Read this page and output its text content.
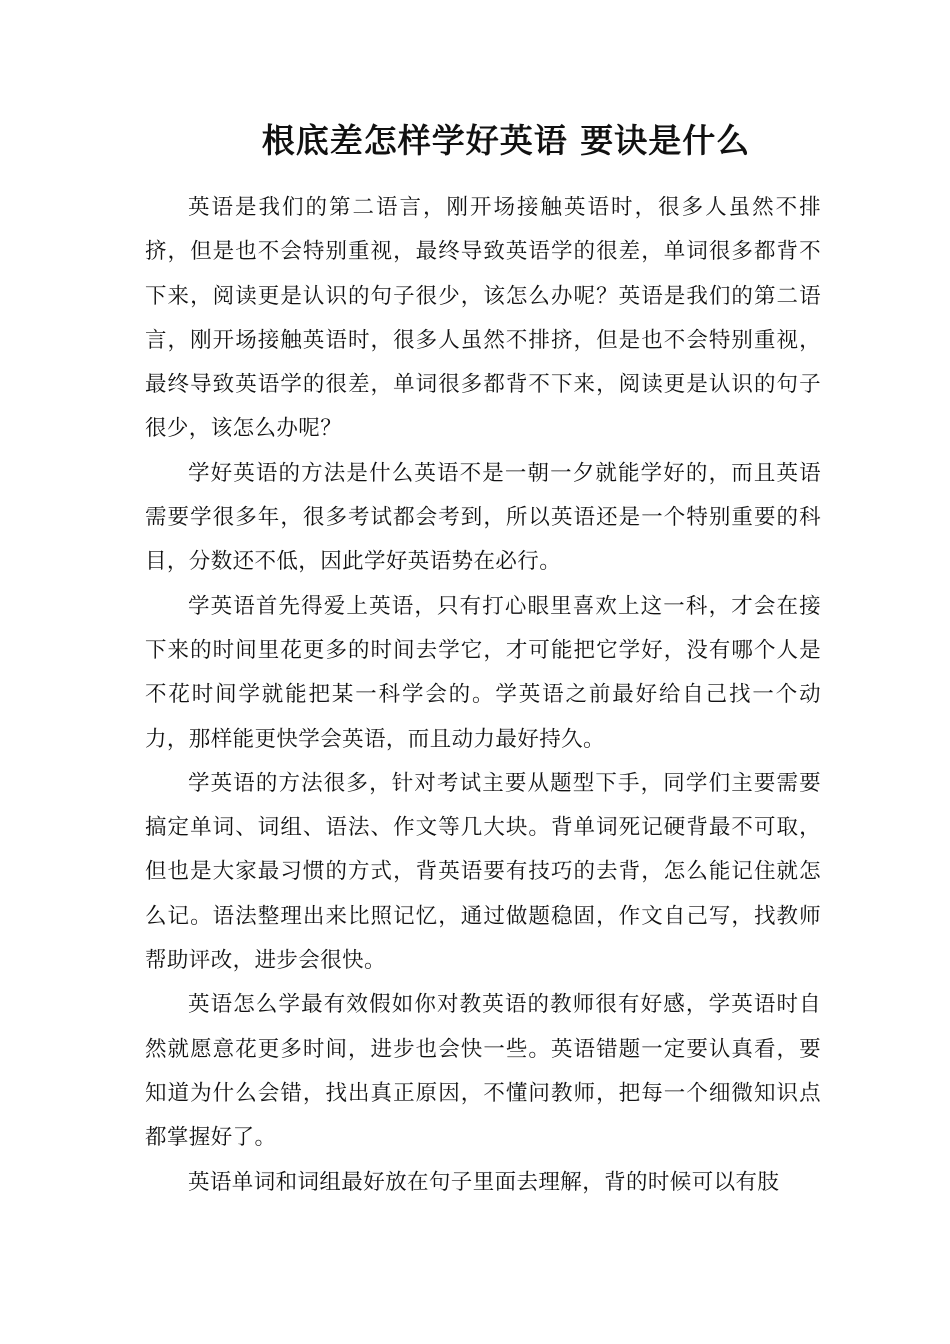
根底差怎样学好英语 要诀是什么

英语是我们的第二语言，刚开场接触英语时，很多人虽然不排挤，但是也不会特别重视，最终导致英语学的很差，单词很多都背不下来，阅读更是认识的句子很少，该怎么办呢？英语是我们的第二语言，刚开场接触英语时，很多人虽然不排挤，但是也不会特别重视，最终导致英语学的很差，单词很多都背不下来，阅读更是认识的句子很少，该怎么办呢？

学好英语的方法是什么英语不是一朝一夕就能学好的，而且英语需要学很多年，很多考试都会考到，所以英语还是一个特别重要的科目，分数还不低，因此学好英语势在必行。

学英语首先得爱上英语，只有打心眼里喜欢上这一科，才会在接下来的时间里花更多的时间去学它，才可能把它学好，没有哪个人是不花时间学就能把某一科学会的。学英语之前最好给自己找一个动力，那样能更快学会英语，而且动力最好持久。

学英语的方法很多，针对考试主要从题型下手，同学们主要需要搞定单词、词组、语法、作文等几大块。背单词死记硬背最不可取，但也是大家最习惯的方式，背英语要有技巧的去背，怎么能记住就怎么记。语法整理出来比照记忆，通过做题稳固，作文自己写，找教师帮助评改，进步会很快。

英语怎么学最有效假如你对教英语的教师很有好感，学英语时自然就愿意花更多时间，进步也会快一些。英语错题一定要认真看，要知道为什么会错，找出真正原因，不懂问教师，把每一个细微知识点都掌握好了。

英语单词和词组最好放在句子里面去理解，背的时候可以有肢
